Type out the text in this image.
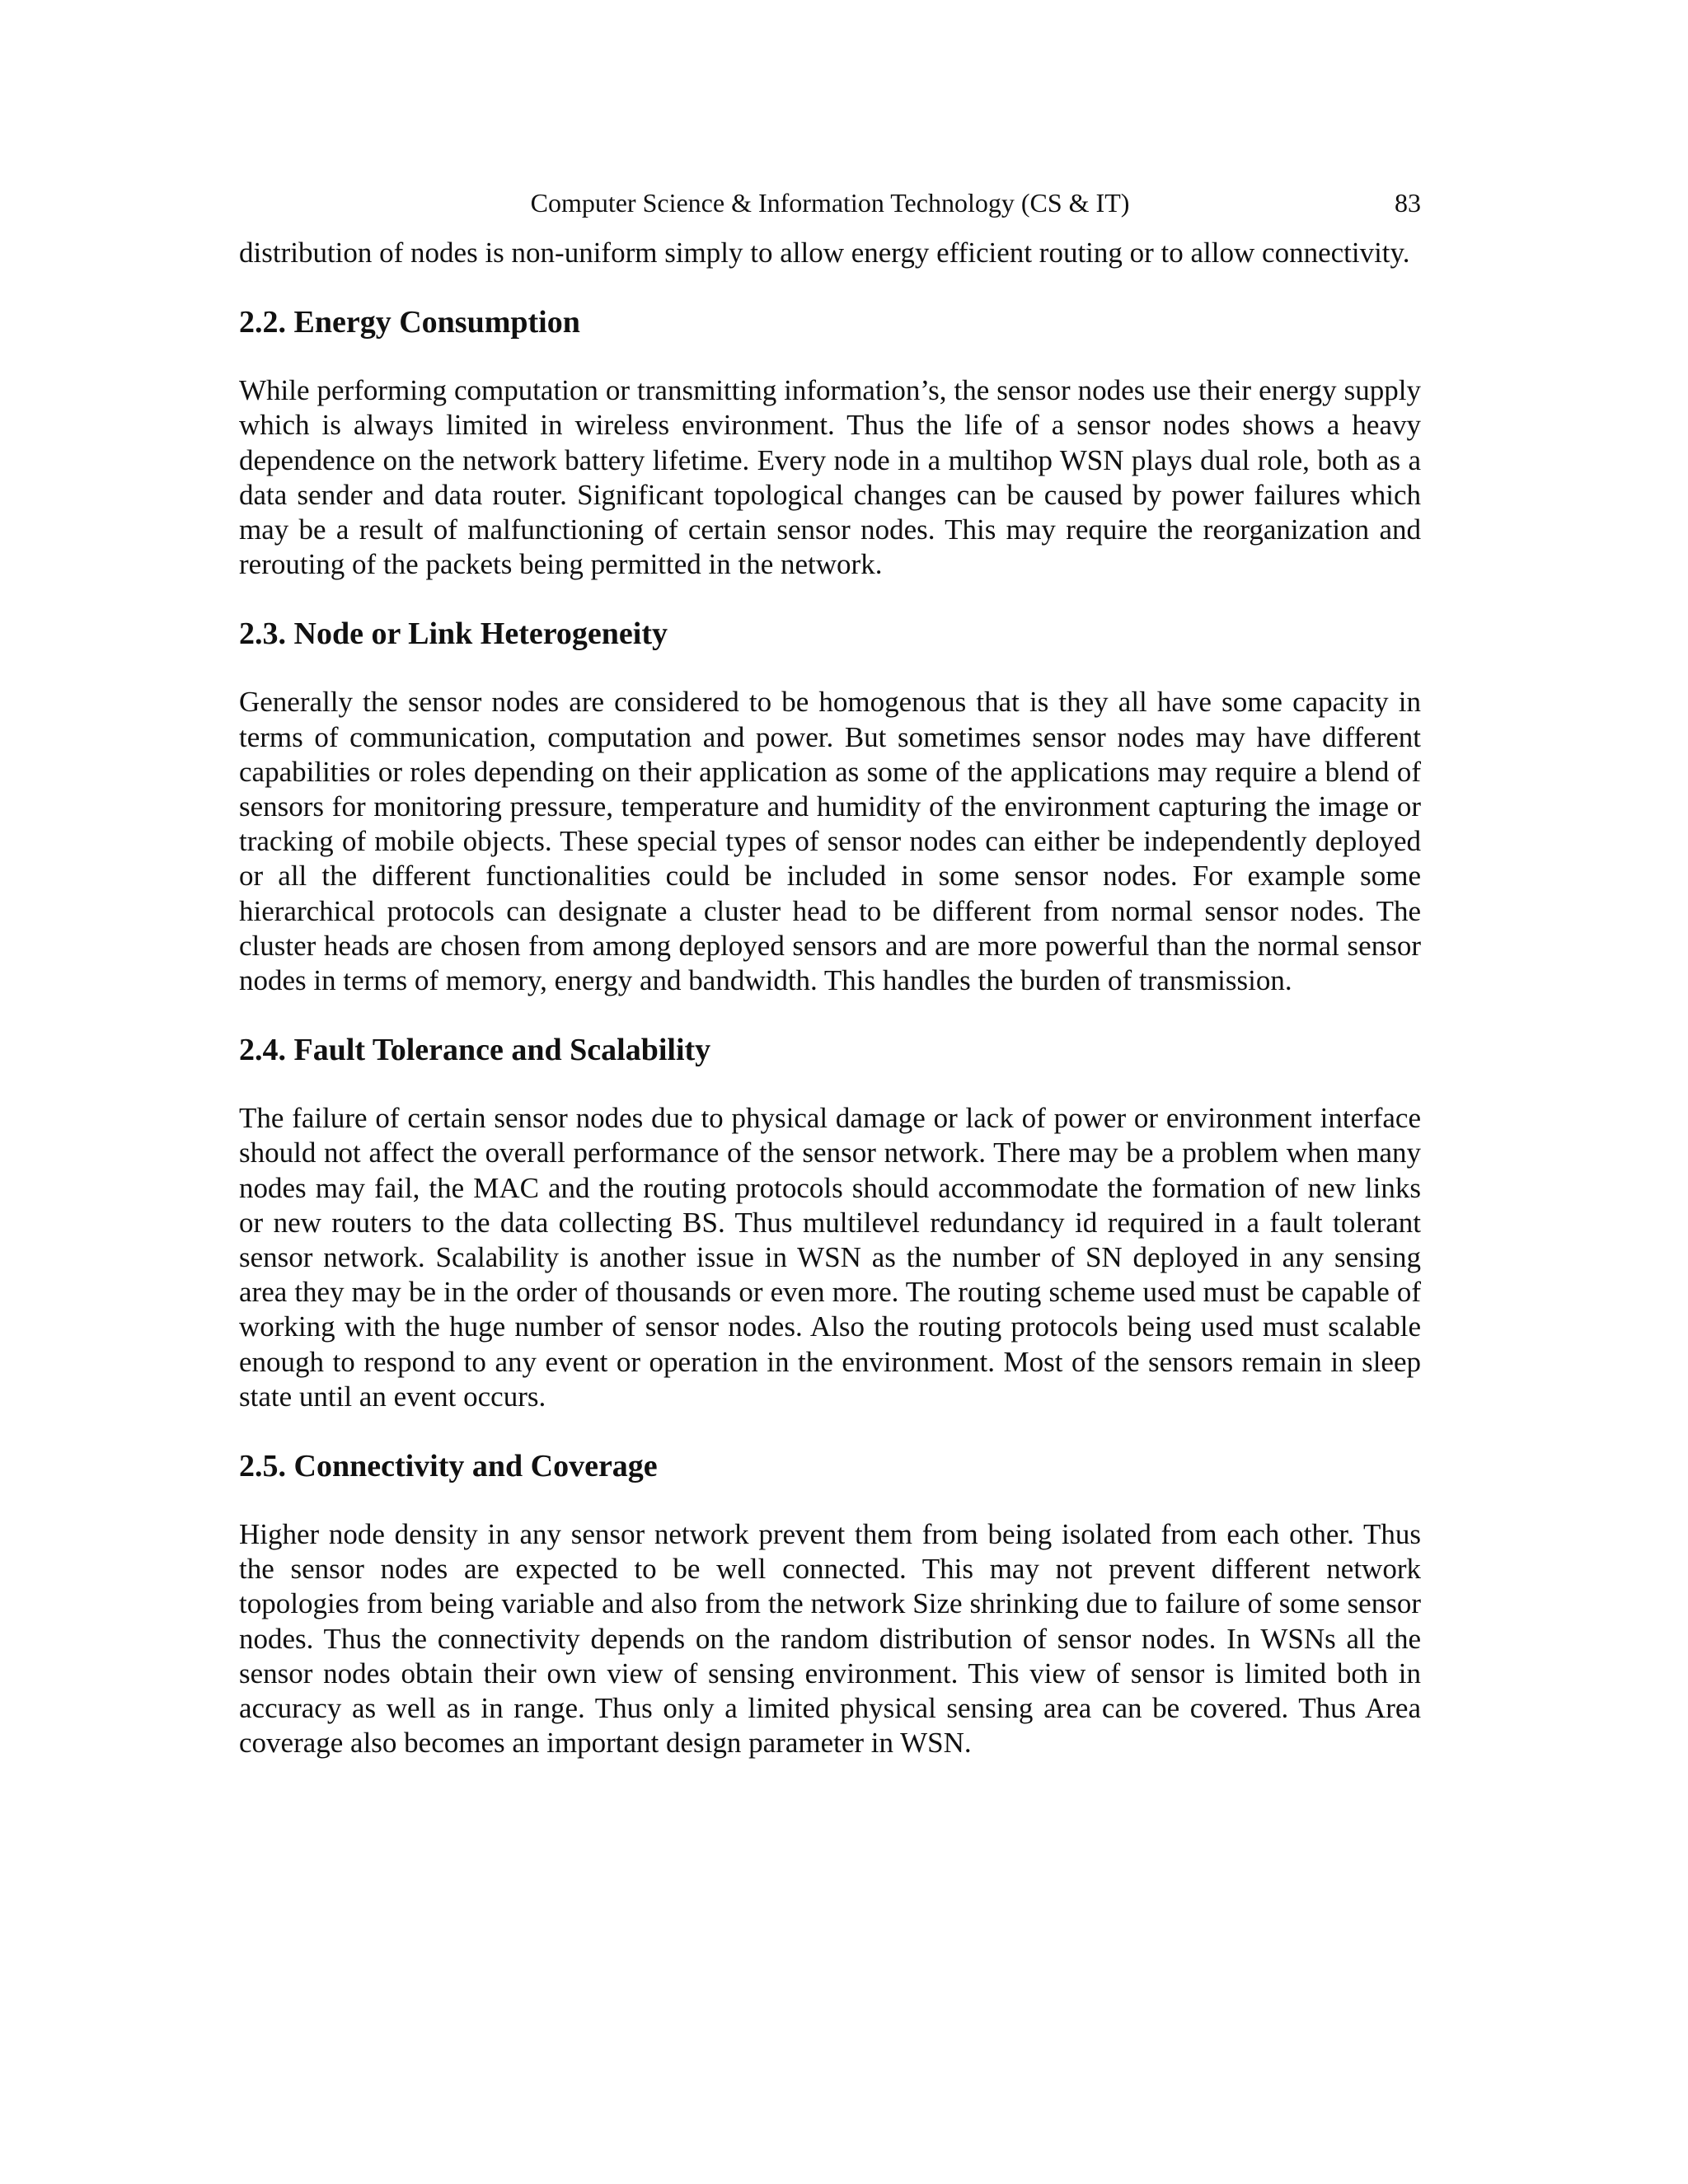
Computer Science & Information Technology (CS & IT)	83

distribution of nodes is non-uniform simply to allow energy efficient routing or to allow connectivity.

2.2. Energy Consumption

While performing computation or transmitting information’s, the sensor nodes use their energy supply which is always limited in wireless environment. Thus the life of a sensor nodes shows a heavy dependence on the network battery lifetime. Every node in a multihop WSN plays dual role, both as a data sender and data router. Significant topological changes can be caused by power failures which may be a result of malfunctioning of certain sensor nodes. This may require the reorganization and rerouting of the packets being permitted in the network.

2.3. Node or Link Heterogeneity

Generally the sensor nodes are considered to be homogenous that is they all have some capacity in terms of communication, computation and power. But sometimes sensor nodes may have different capabilities or roles depending on their application as some of the applications may require a blend of sensors for monitoring pressure, temperature and humidity of the environment capturing the image or tracking of mobile objects. These special types of sensor nodes can either be independently deployed or all the different functionalities could be included in some sensor nodes. For example some hierarchical protocols can designate a cluster head to be different from normal sensor nodes. The cluster heads are chosen from among deployed sensors and are more powerful than the normal sensor nodes in terms of memory, energy and bandwidth. This handles the burden of transmission.

2.4. Fault Tolerance and Scalability

The failure of certain sensor nodes due to physical damage or lack of power or environment interface should not affect the overall performance of the sensor network. There may be a problem when many nodes may fail, the MAC and the routing protocols should accommodate the formation of new links or new routers to the data collecting BS. Thus multilevel redundancy id required in a fault tolerant sensor network. Scalability is another issue in WSN as the number of SN deployed in any sensing area they may be in the order of thousands or even more. The routing scheme used must be capable of working with the huge number of sensor nodes. Also the routing protocols being used must scalable enough to respond to any event or operation in the environment. Most of the sensors remain in sleep state until an event occurs.

2.5. Connectivity and Coverage

Higher node density in any sensor network prevent them from being isolated from each other. Thus the sensor nodes are expected to be well connected. This may not prevent different network topologies from being variable and also from the network Size shrinking due to failure of some sensor nodes. Thus the connectivity depends on the random distribution of sensor nodes. In WSNs all the sensor nodes obtain their own view of sensing environment. This view of sensor is limited both in accuracy as well as in range. Thus only a limited physical sensing area can be covered. Thus Area coverage also becomes an important design parameter in WSN.
